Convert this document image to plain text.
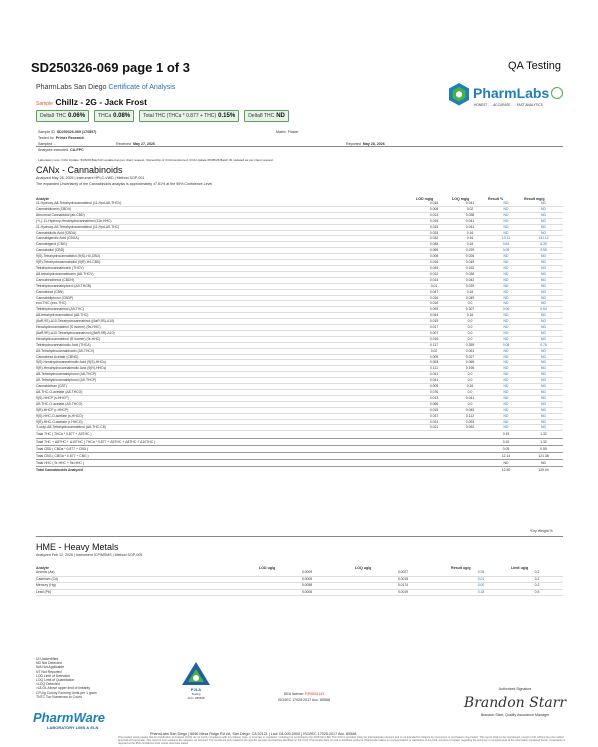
SD250326-069 page 1 of 3	QA Testing
PharmLabs San Diego Certificate of Analysis
Sample Chillz - 2G - Jack Frost
Delta9 THC 0.06%	THCa 0.08%	Total THC (THCa * 0.877 + THC) 0.15%	Delta8 THC ND
PharmLabs
HONEST . . . ACCURATE . . . FAST ANALYTICS
Sample ID SD250326-069 (170897)	Matrix Flower
Tested for Primer Research
Sampled -	Received May 27, 2026	Reported May 28, 2026
Analyses executed CA-FPC
Laboratory note: COA Update: 5/28/26 Batch ID updated as per client request. Ownership of COA transferred. COA Update 05/05/26 Batch ID updated as per client request.
CANx - Cannabinoids
Analyzed May 28, 2026 | Instrument HPLC-VWD | Method SOP-001
The expanded Uncertainty of the Cannabinoids analysis is approximately ±7.81% at the 95% Confidence Level
Analyte	LOD mg/g	LOQ mg/g	Result %	Result mg/g
11-Hydroxy-Δ8-Tetrahydrocannabinol (11-Hyd-Δ8-THCV)	0.015	0.041	ND	ND
Cannabidivarin (CBDV)	0.006	0.02	ND	ND
Abnormal Cannabidiol (ab-CBD)	0.013	0.038	ND	ND
(+/-)-11-Hydroxy-Hexahydrocannabinol (11b-HHC)	0.015	0.041	ND	ND
11-Hydroxy-Δ9-Tetrahydrocannabinol (11-Hyd-Δ9-THC)	0.015	0.041	ND	ND
Cannabidiolic Acid (CBDA)	0.033	0.16	ND	ND
Cannabigerolic Acid (CBGA)	0.032	0.16	13.11	131.12
Cannabigerol (CBG)	0.048	0.16	0.64	6.39
Cannabidiol (CBD)	0.069	0.229	0.05	0.55
9(S)-Tetrahydrocannabidiol (9(S)-H4-CBD)	0.008	0.026	ND	ND
9(R)-Tetrahydrocannabidiol (9(R)-H4-CBD)	0.016	0.049	ND	ND
Tetrahydrocannabivarin (THCV)	0.049	0.162	ND	ND
Δ8-tetrahydrocannabivarin (Δ8-THCV)	0.012	0.036	ND	ND
Cannabinolhexol (CBDH)	0.014	0.042	ND	ND
Tetrahydrocannabiphorol (Δ9-THCB)	0.01	0.029	ND	ND
Cannabinol (CBN)	0.047	0.16	ND	ND
Cannabidiphorol (CBDP)	0.016	0.049	ND	ND
exo-THC (exo-THC)	0.016	0.0	ND	ND
Tetrahydrocannabinol (Δ9-THC)	0.092	0.307	0.06	0.64
Δ8-tetrahydrocannabinol (Δ8-THC)	0.044	0.16	ND	ND
(6aR,9S)-Δ10-Tetrahydrocannabinol ((6aR,9S)-Δ10)	0.015	0.0	ND	ND
Hexahydrocannabinol (S isomer) (9s-HHC)	0.017	0.0	ND	ND
(6aR,9R)-Δ10-Tetrahydrocannabinol ((6aR,9R)-Δ10)	0.007	0.0	ND	ND
Hexahydrocannabinol (R isomer) (9r-HHC)	0.016	0.0	ND	ND
Tetrahydrocannabinolic Acid (THCA)	0.117	0.359	0.08	0.78
Δ9-Tetrahydrocannabivarin (Δ9-THCV)	0.02	0.061	ND	ND
Cannabinol Acetate (CBNO)	0.009	0.027	ND	ND
9(S)-Hexahydrocannabinolic Acid (9(S)-HHCs)	0.063	0.065	ND	ND
9(R)-Hexahydrocannabinolic Acid (9(R)-HHCs)	0.111	0.196	ND	ND
Δ8-Tetrahydrocannabiphorol (Δ8-THCP)	0.041	0.0	ND	ND
Δ9-Tetrahydrocannabiphorol (Δ9-THCP)	0.041	0.0	ND	ND
Cannabicitran (CBT)	0.005	0.16	ND	ND
Δ8-THC-O-acetate (Δ8-THCO)	0.076	0.0	ND	ND
9(S)-HHCP (s-HHCP)	0.013	0.041	ND	ND
Δ9-THC-O-acetate (Δ9-THCO)	0.066	0.0	ND	ND
9(R)-HHCP (r-HHCP)	0.015	0.045	ND	ND
9(S)-HHC-O-acetate (s-HHCO)	0.037	0.112	ND	ND
9(R)-HHC-O-acetate (r-HHCO)	0.031	0.093	ND	ND
3-octyl-Δ8-Tetrahydrocannabinol (Δ8-THC-C8)	0.021	0.062	ND	ND
Total THC ( THCa * 0.877 + Δ9THC )			0.15	1.32
Total THC + Δ8THC + Δ10THC ( THCa * 0.877 + Δ9THC + Δ8THC + Δ10THC )			0.15	1.32
Total CBD ( CBDa * 0.877 + CBD )			0.05	0.55
Total CBG ( CBGa * 0.877 + CBG )			12.14	121.38
Total HHC ( 9r-HHC + 9s-HHC )			ND	ND
Total Cannabinoids Analyzed			12.50	125.04
*Dry Weight %
HME - Heavy Metals
Analyzed Feb 12, 2026 | Instrument ICP/MSMS | Method SOP-005
Analyte	LOD ug/g	LOQ ug/g	Result ug/g	Limit ug/g
Arsenic (As)	0.0009	0.0027	0.05	0.2
Cadmium (Cd)	0.0005	0.0015	0.01	0.2
Mercury (Hg)	0.0058	0.0174	0.00	0.2
Lead (Pb)	0.0006	0.0019	0.18	0.5
UI Unidentified
ND Not Detected
N/A Not Applicable
NT Not Reported
LOD Limit of Detection
LOQ Limit of Quantitation
<LOQ Detected
>ULOL Above upper limit of linearity
CFU/g Colony Forming Units per 1 gram
TNTC Too Numerous to Count
PJLA
Testing
ACC. #85568
DEA license: RP0609143
ISO/IEC 17025:2017 Acc. 85568
Authorized Signature
Brandon Starr
Brandon Starr, Quality Assurance Manager
PharmWare
LABORATORY LIMS & ELN
PharmLabs San Diego | 6696 Mesa Ridge Rd #A, San Diego, CA 92121 | Lic# C8-000-0900 | ISO/IEC 17025:2017 Acc. 85568
This product testing states that its Certification of Analysis (COA) do not certify compliance with any federal, state, or local law or regulation, including but not limited to the 2018 Farm Bill. This COA is provided solely for informational purposes and is not intended for reliance by consumers or purchasers of a product. This report shall not be reproduced, except in full, without the prior written approval of PharmLabs. This report is only related to the samples, as received. The results are only related to the specific samples and batches identified on this COA. PharmLabs does not sell or distribute products. PharmLabs makes no representations or warranties of any kind, express or implied, regarding the accuracy or completeness of the information contained herein. Uncertainty is reported at the 95% confidence level unless otherwise stated.
